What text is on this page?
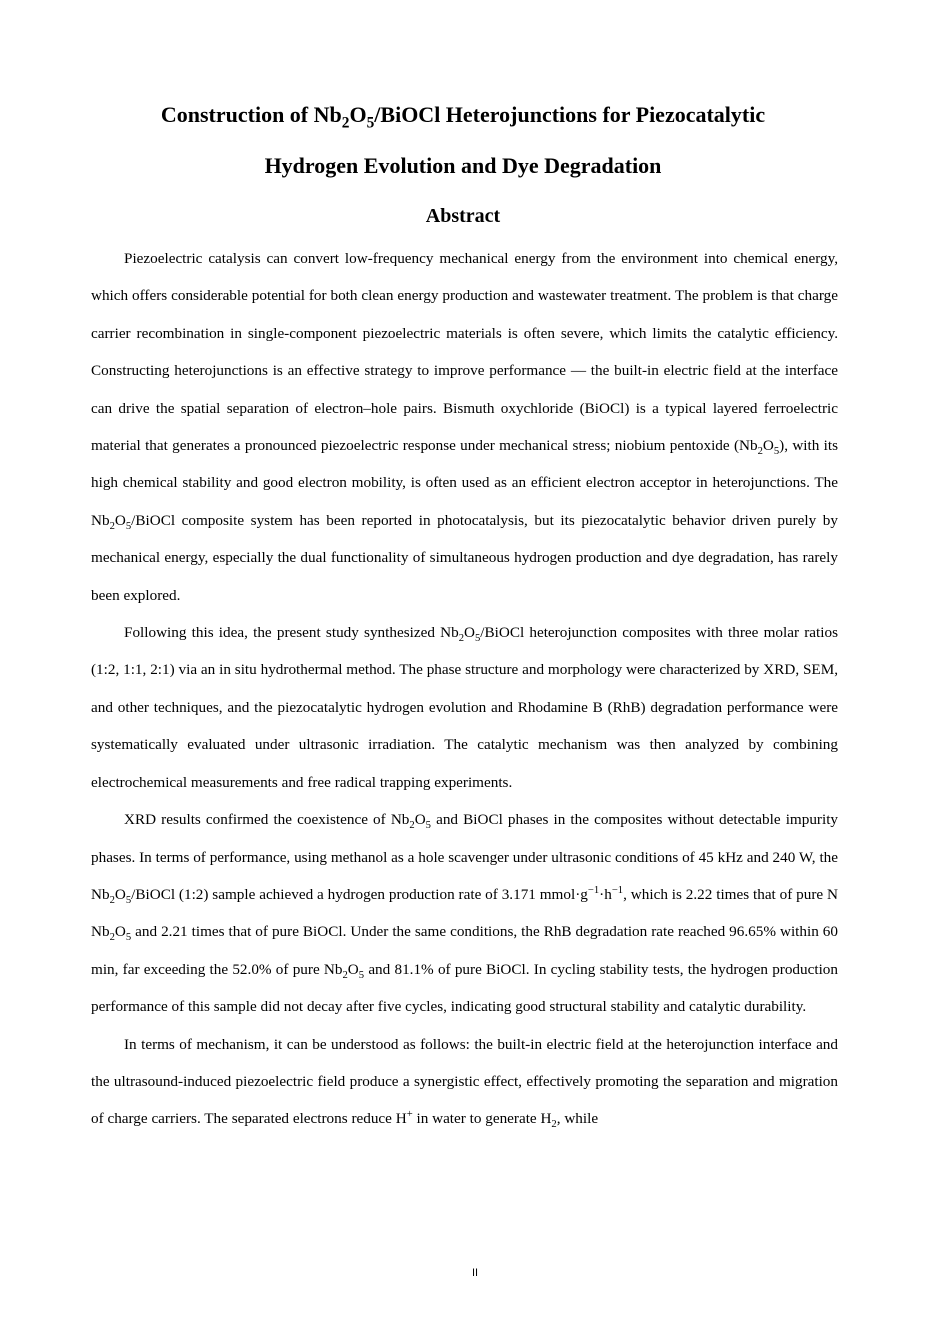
Construction of $Nb_2O_5$/BiOCl Heterojunctions for Piezocatalytic
Hydrogen Evolution and Dye Degradation
Abstract

Piezoelectric catalysis can convert low-frequency mechanical energy from the environment into chemical energy, which offers considerable potential for both clean energy production and wastewater treatment. The problem is that charge carrier recombination in single-component piezoelectric materials is often severe, which limits the catalytic efficiency. Constructing heterojunctions is an effective strategy to improve performance — the built-in electric field at the interface can drive the spatial separation of electron–hole pairs. Bismuth oxychloride (BiOCl) is a typical layered ferroelectric material that generates a pronounced piezoelectric response under mechanical stress; niobium pentoxide $(Nb_2O_5)$, with its high chemical stability and good electron mobility, is often used as an efficient electron acceptor in heterojunctions. The $Nb_2O_5$/BiOCl composite system has been reported in photocatalysis, but its piezocatalytic behavior driven purely by mechanical energy, especially the dual functionality of simultaneous hydrogen production and dye degradation, has rarely been explored.

Following this idea, the present study synthesized $Nb_2O_5$/BiOCl heterojunction composites with three molar ratios (1:2, 1:1, 2:1) via an in situ hydrothermal method. The phase structure and morphology were characterized by XRD, SEM, and other techniques, and the piezocatalytic hydrogen evolution and Rhodamine B (RhB) degradation performance were systematically evaluated under ultrasonic irradiation. The catalytic mechanism was then analyzed by combining electrochemical measurements and free radical trapping experiments.

XRD results confirmed the coexistence of $Nb_2O_5$ and BiOCl phases in the composites without detectable impurity phases. In terms of performance, using methanol as a hole scavenger under ultrasonic conditions of 45 kHz and 240 W, the $Nb_2O_5$/BiOCl (1:2) sample achieved a hydrogen production rate of 3.171 $mmol\cdot g^{-1}\cdot h^{-1}$, which is 2.22 times that of pure N $Nb_2O_5$ and 2.21 times that of pure BiOCl. Under the same conditions, the RhB degradation rate reached 96.65% within 60 min, far exceeding the 52.0% of pure $Nb_2O_5$ and 81.1% of pure BiOCl. In cycling stability tests, the hydrogen production performance of this sample did not decay after five cycles, indicating good structural stability and catalytic durability.

In terms of mechanism, it can be understood as follows: the built-in electric field at the heterojunction interface and the ultrasound-induced piezoelectric field produce a synergistic effect, effectively promoting the separation and migration of charge carriers. The separated electrons reduce H+ in water to generate $H_2$, while

II
